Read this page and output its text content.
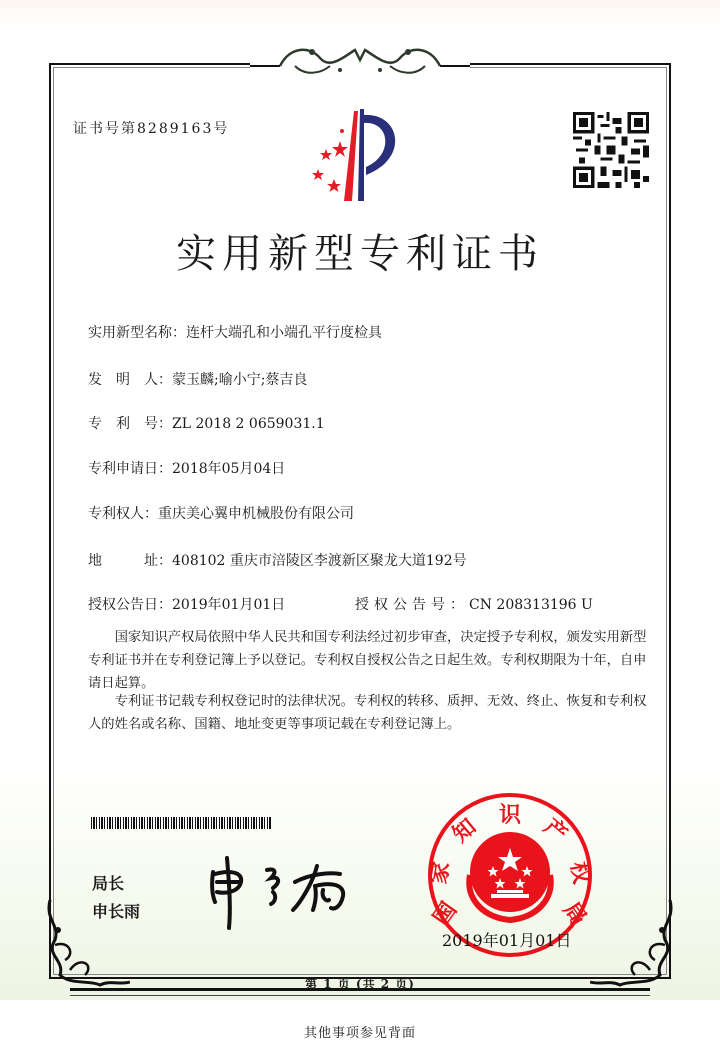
证书号第8289163号
实用新型专利证书
实用新型名称：连杆大端孔和小端孔平行度检具
发　明　人：蒙玉麟;喻小宁;蔡吉良
专　利　号：ZL 2018 2 0659031.1
专利申请日：2018年05月04日
专利权人：重庆美心翼申机械股份有限公司
地　　　址：408102 重庆市涪陵区李渡新区聚龙大道192号
授权公告日：2019年01月01日	授权公告号：CN 208313196 U
国家知识产权局依照中华人民共和国专利法经过初步审查，决定授予专利权，颁发实用新型专利证书并在专利登记簿上予以登记。专利权自授权公告之日起生效。专利权期限为十年，自申请日起算。
专利证书记载专利权登记时的法律状况。专利权的转移、质押、无效、终止、恢复和专利权人的姓名或名称、国籍、地址变更等事项记载在专利登记簿上。
局长
申长雨	国
家
知 识 产
权
局
2019年01月01日
第 1 页 (共 2 页)
其他事项参见背面
